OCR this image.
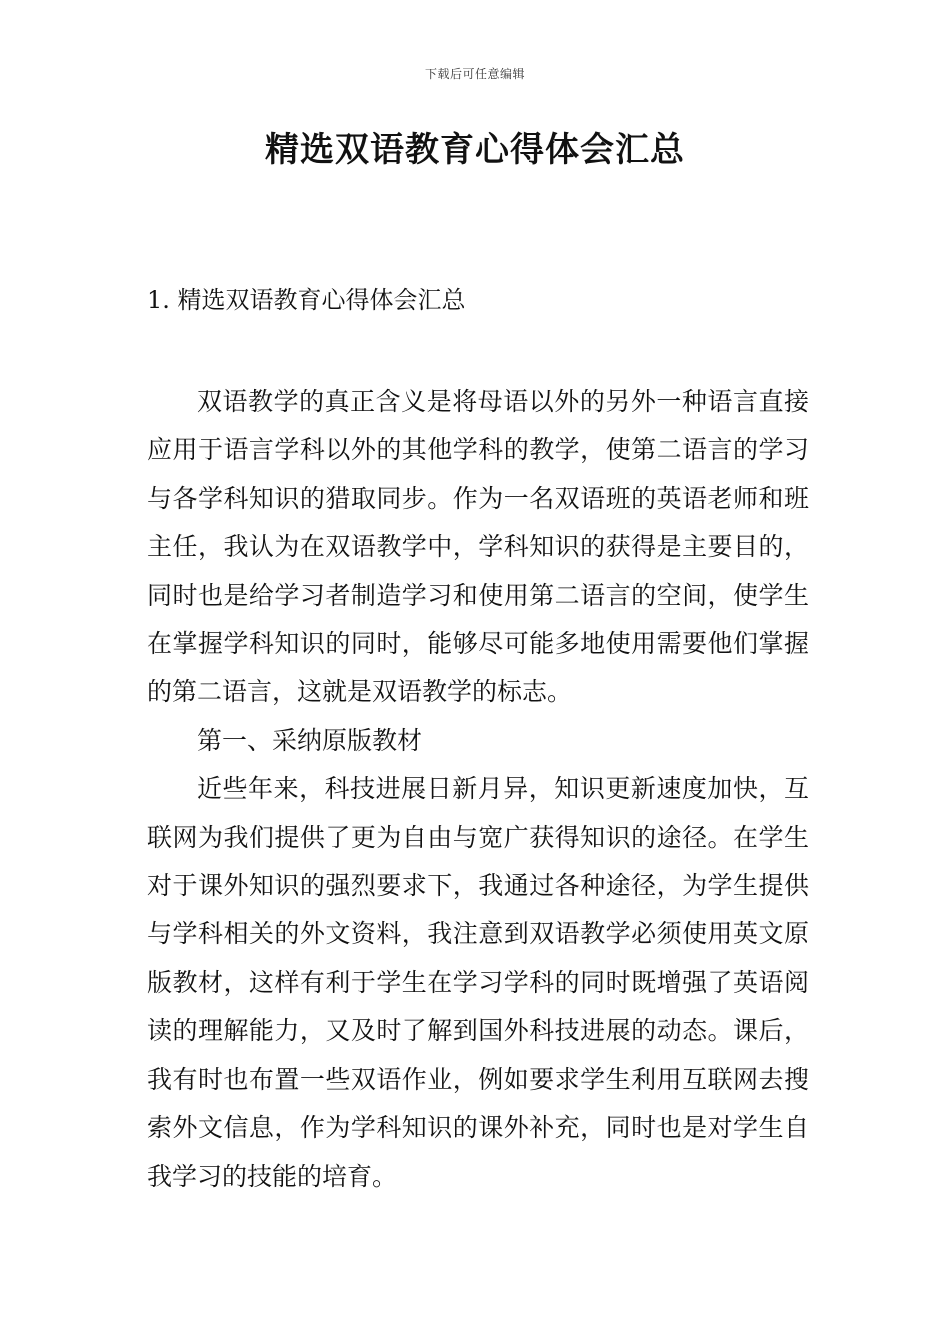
下载后可任意编辑
精选双语教育心得体会汇总
1. 精选双语教育心得体会汇总

双语教学的真正含义是将母语以外的另外一种语言直接应用于语言学科以外的其他学科的教学，使第二语言的学习与各学科知识的猎取同步。作为一名双语班的英语老师和班主任，我认为在双语教学中，学科知识的获得是主要目的，同时也是给学习者制造学习和使用第二语言的空间，使学生在掌握学科知识的同时，能够尽可能多地使用需要他们掌握的第二语言，这就是双语教学的标志。

第一、采纳原版教材

近些年来，科技进展日新月异，知识更新速度加快，互联网为我们提供了更为自由与宽广获得知识的途径。在学生对于课外知识的强烈要求下，我通过各种途径，为学生提供与学科相关的外文资料，我注意到双语教学必须使用英文原版教材，这样有利于学生在学习学科的同时既增强了英语阅读的理解能力，又及时了解到国外科技进展的动态。课后，我有时也布置一些双语作业，例如要求学生利用互联网去搜索外文信息，作为学科知识的课外补充，同时也是对学生自我学习的技能的培育。
